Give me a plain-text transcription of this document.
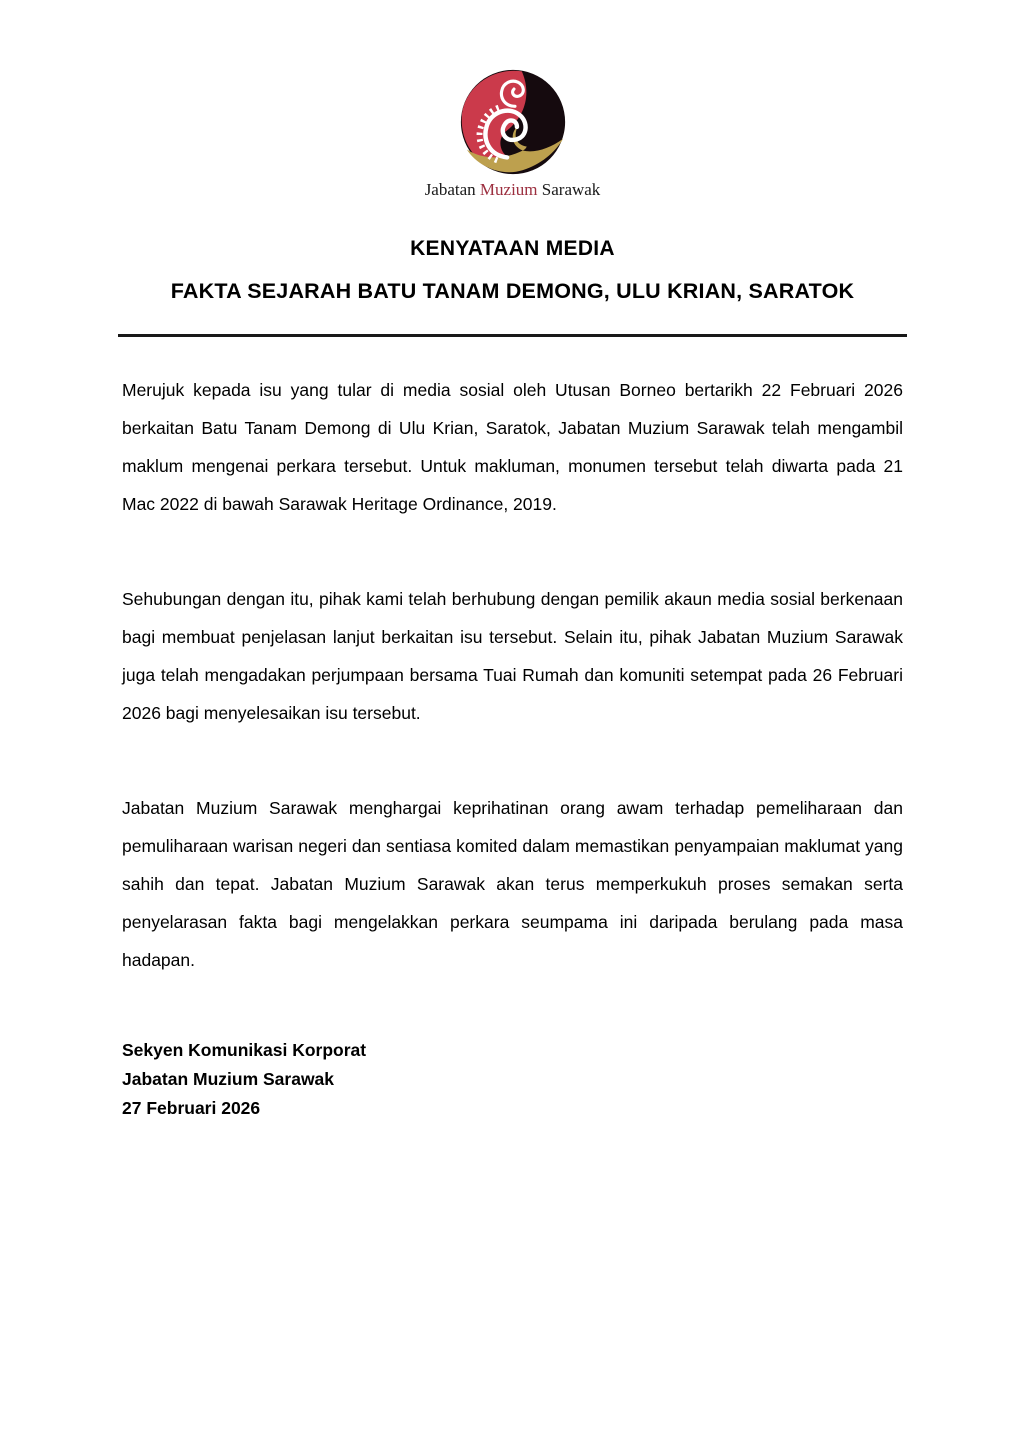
Jabatan Muzium Sarawak
KENYATAAN MEDIA
FAKTA SEJARAH BATU TANAM DEMONG, ULU KRIAN, SARATOK

Merujuk kepada isu yang tular di media sosial oleh Utusan Borneo bertarikh 22 Februari 2026 berkaitan Batu Tanam Demong di Ulu Krian, Saratok, Jabatan Muzium Sarawak telah mengambil maklum mengenai perkara tersebut. Untuk makluman, monumen tersebut telah diwarta pada 21 Mac 2022 di bawah Sarawak Heritage Ordinance, 2019.

Sehubungan dengan itu, pihak kami telah berhubung dengan pemilik akaun media sosial berkenaan bagi membuat penjelasan lanjut berkaitan isu tersebut. Selain itu, pihak Jabatan Muzium Sarawak juga telah mengadakan perjumpaan bersama Tuai Rumah dan komuniti setempat pada 26 Februari 2026 bagi menyelesaikan isu tersebut.

Jabatan Muzium Sarawak menghargai keprihatinan orang awam terhadap pemeliharaan dan pemuliharaan warisan negeri dan sentiasa komited dalam memastikan penyampaian maklumat yang sahih dan tepat. Jabatan Muzium Sarawak akan terus memperkukuh proses semakan serta penyelarasan fakta bagi mengelakkan perkara seumpama ini daripada berulang pada masa hadapan.

Sekyen Komunikasi Korporat
Jabatan Muzium Sarawak
27 Februari 2026
